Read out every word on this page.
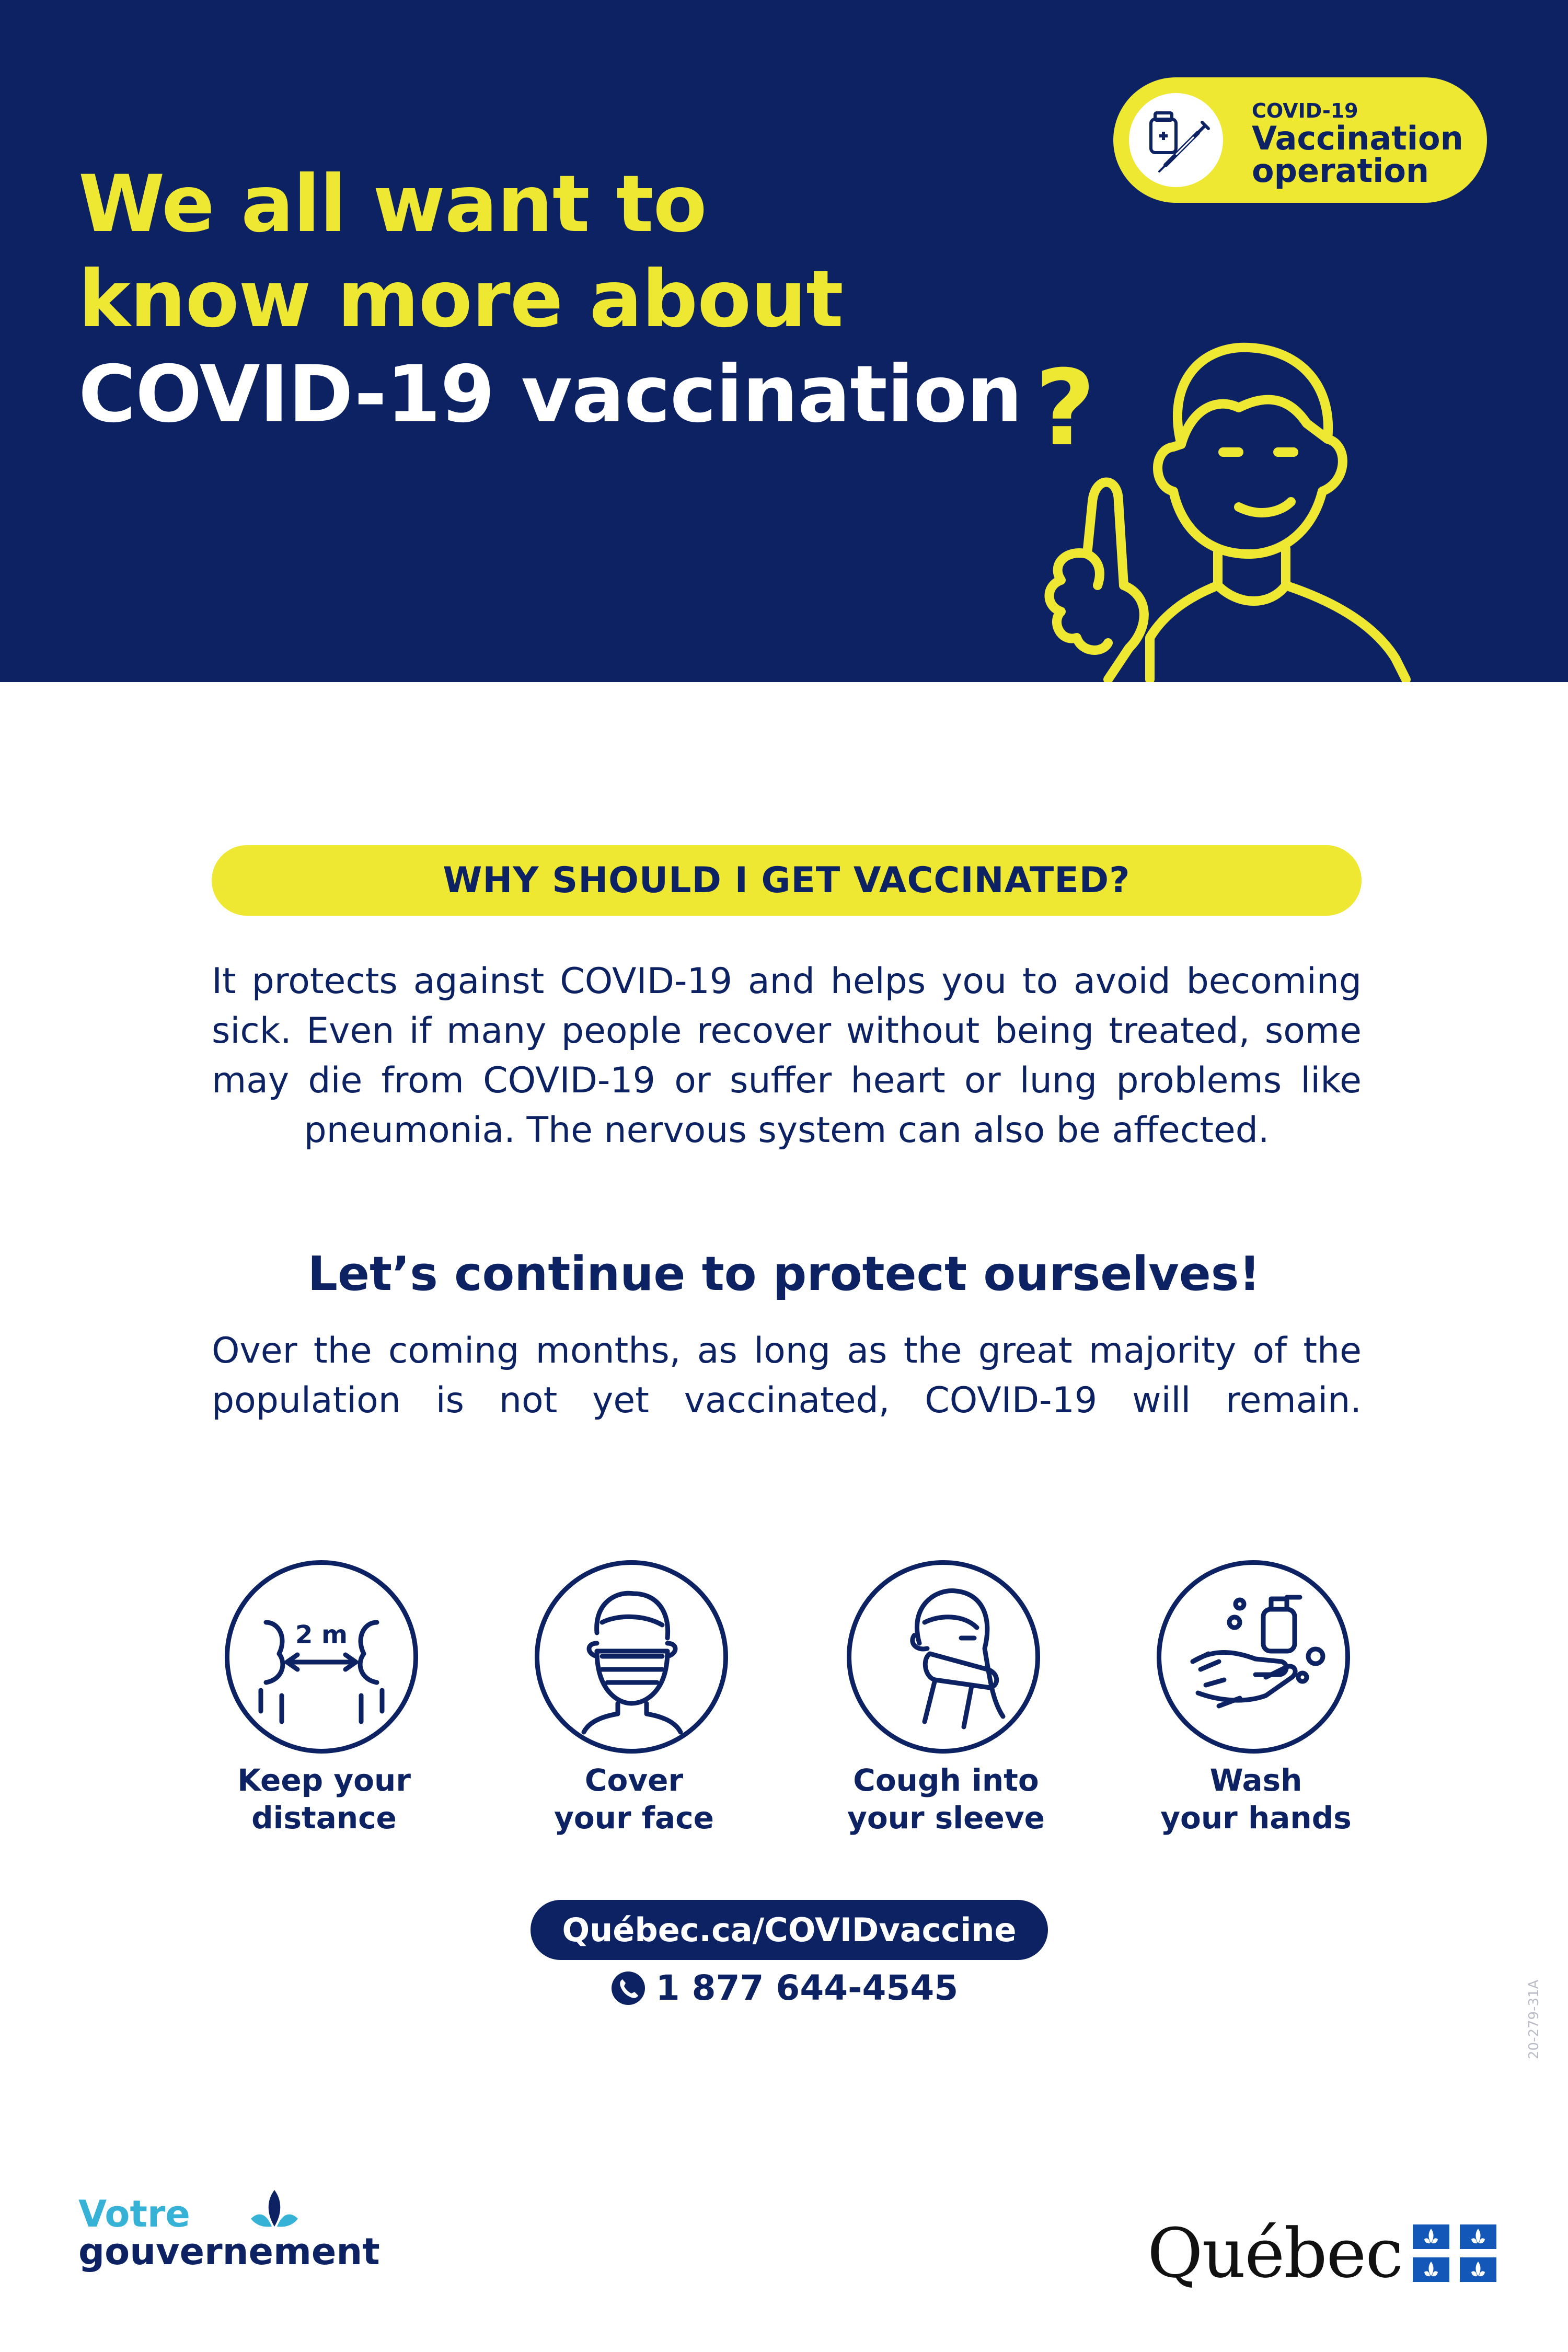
We all want to
know more about
COVID-19 vaccination
COVID-19
Vaccination
operation
?
WHY SHOULD I GET VACCINATED?

It protects against COVID-19 and helps you to avoid becoming sick. Even if many people recover without being treated, some may die from COVID-19 or suffer heart or lung problems like pneumonia. The nervous system can also be affected.

Let’s continue to protect ourselves!

Over the coming months, as long as the great majority of the population is not yet vaccinated, COVID-19 will remain.

2 m
Keep your
distance
Cover
your face
Cough into
your sleeve
Wash
your hands
Québec.ca/COVIDvaccine
1 877 644-4545	20-279-31A
Votre
gouvernement	Québec
